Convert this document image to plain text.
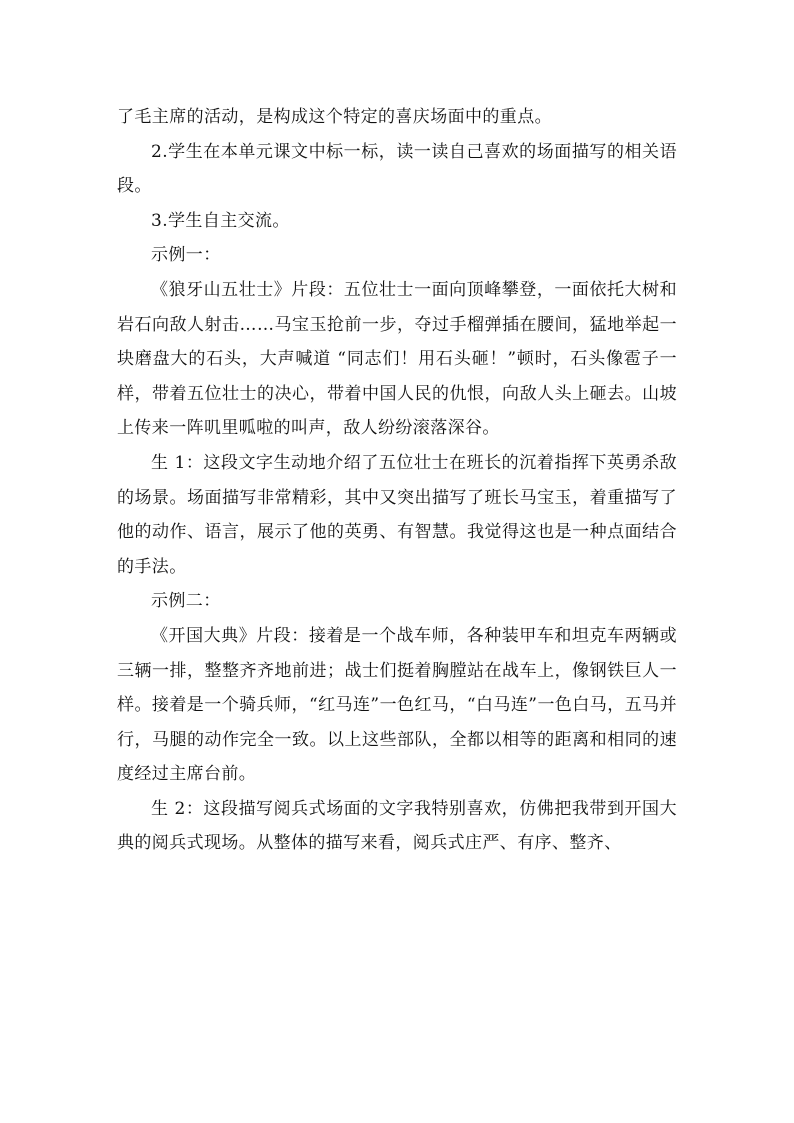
了毛主席的活动，是构成这个特定的喜庆场面中的重点。

2.学生在本单元课文中标一标，读一读自己喜欢的场面描写的相关语段。

3.学生自主交流。

示例一：

《狼牙山五壮士》片段：五位壮士一面向顶峰攀登，一面依托大树和岩石向敌人射击……马宝玉抢前一步，夺过手榴弹插在腰间，猛地举起一块磨盘大的石头，大声喊道 “同志们！用石头砸！”顿时，石头像雹子一样，带着五位壮士的决心，带着中国人民的仇恨，向敌人头上砸去。山坡上传来一阵叽里呱啦的叫声，敌人纷纷滚落深谷。

生 1：这段文字生动地介绍了五位壮士在班长的沉着指挥下英勇杀敌的场景。场面描写非常精彩，其中又突出描写了班长马宝玉，着重描写了他的动作、语言，展示了他的英勇、有智慧。我觉得这也是一种点面结合的手法。

示例二：

《开国大典》片段：接着是一个战车师，各种装甲车和坦克车两辆或三辆一排，整整齐齐地前进；战士们挺着胸膛站在战车上，像钢铁巨人一样。接着是一个骑兵师，“红马连”一色红马，“白马连”一色白马，五马并行，马腿的动作完全一致。以上这些部队，全都以相等的距离和相同的速度经过主席台前。

生 2：这段描写阅兵式场面的文字我特别喜欢，仿佛把我带到开国大典的阅兵式现场。从整体的描写来看，阅兵式庄严、有序、整齐、
